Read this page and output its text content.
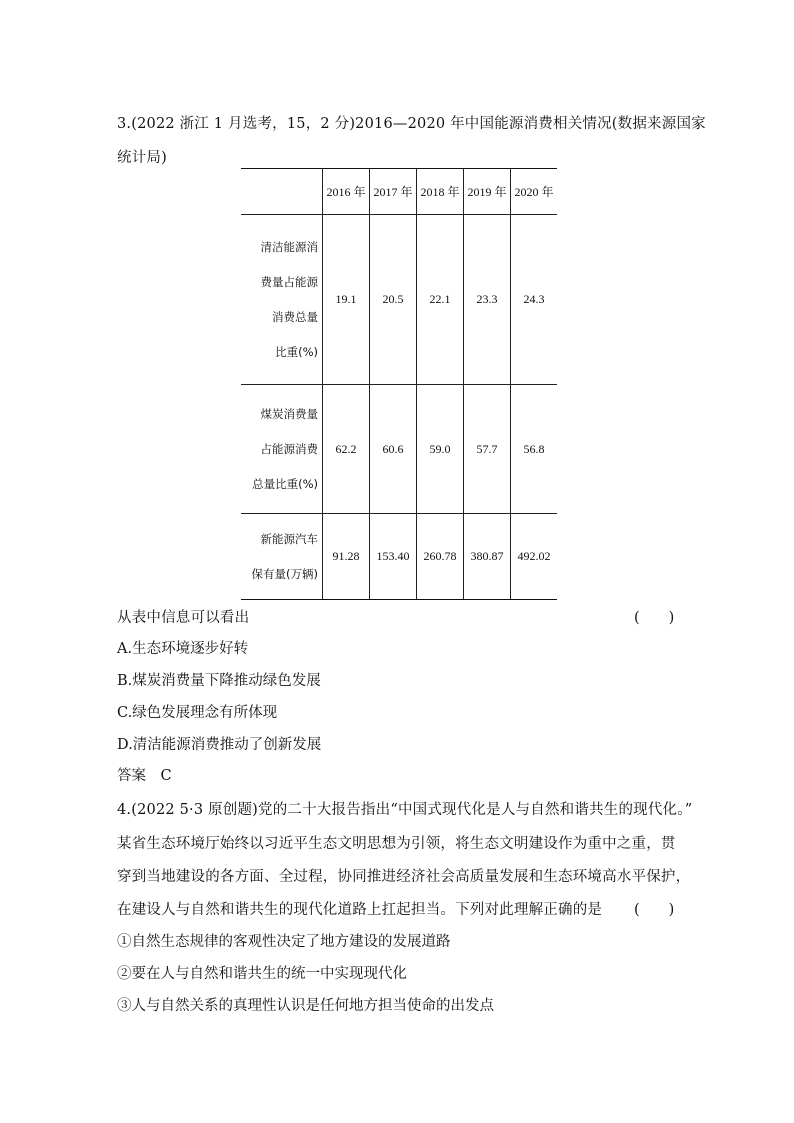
3.(2022 浙江 1 月选考，15，2 分)2016—2020 年中国能源消费相关情况(数据来源国家
统计局)
	2016 年	2017 年	2018 年	2019 年	2020 年

清洁能源消
费量占能源
消费总量
比重(%)	19.1	20.5	22.1	23.3	24.3

煤炭消费量
占能源消费
总量比重(%)	62.2	60.6	59.0	57.7	56.8

新能源汽车
保有量(万辆)	91.28	153.40	260.78	380.87	492.02
从表中信息可以看出	(　　)
A.生态环境逐步好转
B.煤炭消费量下降推动绿色发展
C.绿色发展理念有所体现
D.清洁能源消费推动了创新发展
答案　C
4.(2022 5·3 原创题)党的二十大报告指出“中国式现代化是人与自然和谐共生的现代化。”
某省生态环境厅始终以习近平生态文明思想为引领，将生态文明建设作为重中之重，贯
穿到当地建设的各方面、全过程，协同推进经济社会高质量发展和生态环境高水平保护，
在建设人与自然和谐共生的现代化道路上扛起担当。下列对此理解正确的是 (　　)
①自然生态规律的客观性决定了地方建设的发展道路
②要在人与自然和谐共生的统一中实现现代化
③人与自然关系的真理性认识是任何地方担当使命的出发点
